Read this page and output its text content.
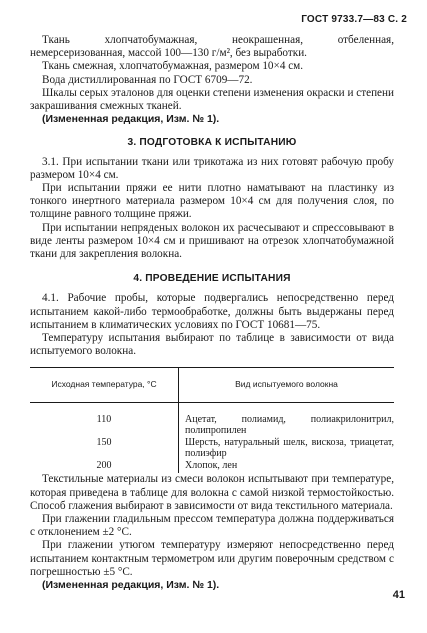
ГОСТ 9733.7—83 С. 2

Ткань хлопчатобумажная, неокрашенная, отбеленная, немерсеризованная, массой 100—130 г/м², без выработки.

Ткань смежная, хлопчатобумажная, размером 10×4 см.

Вода дистиллированная по ГОСТ 6709—72.

Шкалы серых эталонов для оценки степени изменения окраски и степени закрашивания смежных тканей.

(Измененная редакция, Изм. № 1).

3. ПОДГОТОВКА К ИСПЫТАНИЮ

3.1. При испытании ткани или трикотажа из них готовят рабочую пробу размером 10×4 см.

При испытании пряжи ее нити плотно наматывают на пластинку из тонкого инертного материала размером 10×4 см для получения слоя, по толщине равного толщине пряжи.

При испытании непряденых волокон их расчесывают и спрессовывают в виде ленты размером 10×4 см и пришивают на отрезок хлопчатобумажной ткани для закрепления волокна.

4. ПРОВЕДЕНИЕ ИСПЫТАНИЯ

4.1. Рабочие пробы, которые подвергались непосредственно перед испытанием какой-либо термообработке, должны быть выдержаны перед испытанием в климатических условиях по ГОСТ 10681—75.

Температуру испытания выбирают по таблице в зависимости от вида испытуемого волокна.

Исходная температура, °С	Вид испытуемого волокна
110	Ацетат, полиамид, полиакрилонитрил, полипропилен
150	Шерсть, натуральный шелк, вискоза, триацетат, полиэфир
200	Хлопок, лен

Текстильные материалы из смеси волокон испытывают при температуре, которая приведена в таблице для волокна с самой низкой термостойкостью. Способ глажения выбирают в зависимости от вида текстильного материала.

При глажении гладильным прессом температура должна поддерживаться с отклонением ±2 °С.

При глажении утюгом температуру измеряют непосредственно перед испытанием контактным термометром или другим поверочным средством с погрешностью ±5 °С.

(Измененная редакция, Изм. № 1).

41
